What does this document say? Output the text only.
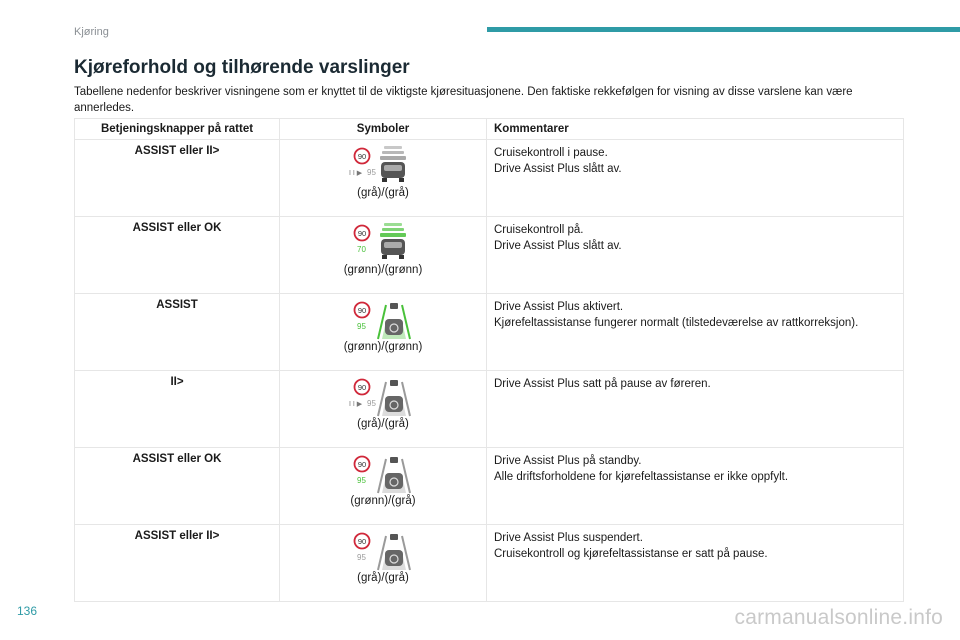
Kjøring
Kjøreforhold og tilhørende varslinger
Tabellene nedenfor beskriver visningene som er knyttet til de viktigste kjøresituasjonene. Den faktiske rekkefølgen for visning av disse varslene kan være annerledes.
Betjeningsknapper på rattet	Symboler	Kommentarer
ASSIST eller II>	90
I I ▶ 95
(grå)/(grå)	Cruisekontroll i pause.
Drive Assist Plus slått av.

ASSIST eller OK	90
70
(grønn)/(grønn)	Cruisekontroll på.
Drive Assist Plus slått av.

ASSIST	90
95
(grønn)/(grønn)	Drive Assist Plus aktivert.
Kjørefeltassistanse fungerer normalt (tilstedeværelse av rattkorreksjon).

II>	90
I I ▶ 95
(grå)/(grå)	Drive Assist Plus satt på pause av føreren.

ASSIST eller OK	90
95
(grønn)/(grå)	Drive Assist Plus på standby.
Alle driftsforholdene for kjørefeltassistanse er ikke oppfylt.

ASSIST eller II>	90
95
(grå)/(grå)	Drive Assist Plus suspendert.
Cruisekontroll og kjørefeltassistanse er satt på pause.
136	carmanualsonline.info
